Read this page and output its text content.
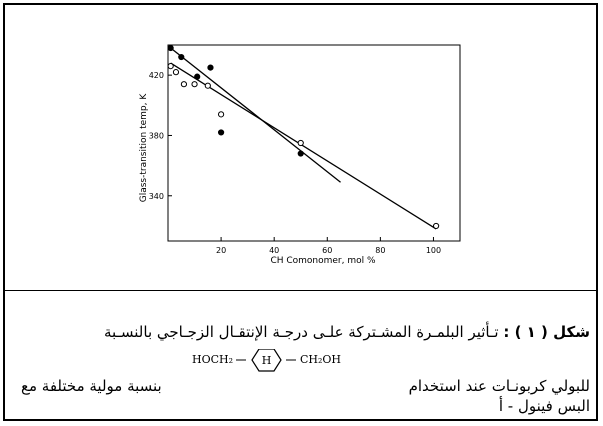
20	40	60	80	100
340
380
420
CH Comonomer, mol %
Glass-transition temp, K
شكل ( ١ ) : تـأثير البلمـرة المشـتركة علـى درجـة الإنتقـال الزجـاجي بالنسـبة
للبولي كربونـات عند استخدام
HOCH₂	H	CH₂OH
بنسبة مولية مختلفة مع
البس فينول - أ
